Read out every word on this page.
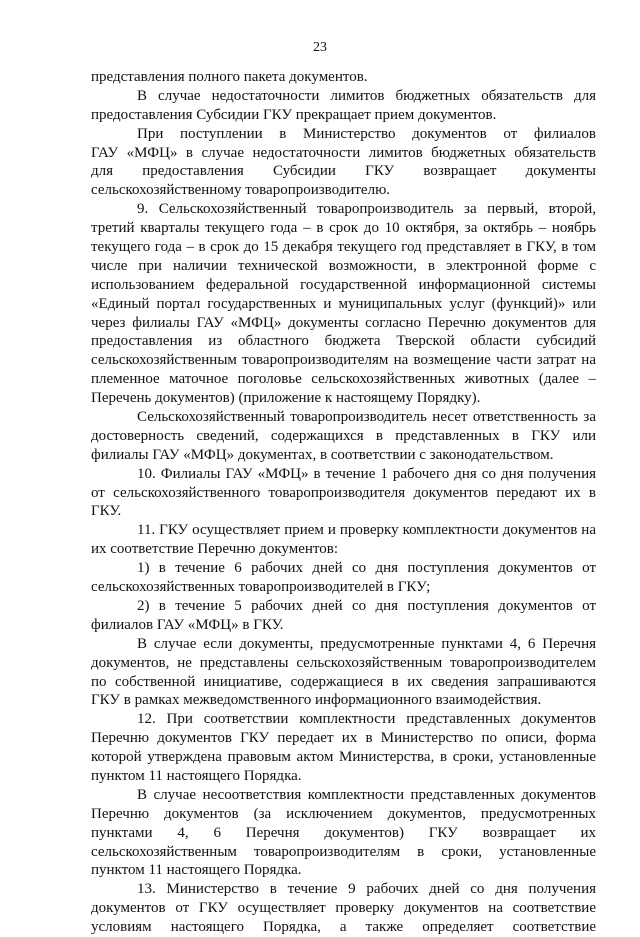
23
представления полного пакета документов.
В случае недостаточности лимитов бюджетных обязательств для
предоставления Субсидии ГКУ прекращает прием документов.
При поступлении в Министерство документов от филиалов
ГАУ «МФЦ» в случае недостаточности лимитов бюджетных обязательств
для предоставления Субсидии ГКУ возвращает документы
сельскохозяйственному товаропроизводителю.
9. Сельскохозяйственный товаропроизводитель за первый, второй,
третий кварталы текущего года – в срок до 10 октября, за октябрь – ноябрь
текущего года – в срок до 15 декабря текущего год представляет в ГКУ, в том
числе при наличии технической возможности, в электронной форме с
использованием федеральной государственной информационной системы
«Единый портал государственных и муниципальных услуг (функций)» или
через филиалы ГАУ «МФЦ» документы согласно Перечню документов для
предоставления из областного бюджета Тверской области субсидий
сельскохозяйственным товаропроизводителям на возмещение части затрат на
племенное маточное поголовье сельскохозяйственных животных (далее –
Перечень документов) (приложение к настоящему Порядку).
Сельскохозяйственный товаропроизводитель несет ответственность за
достоверность сведений, содержащихся в представленных в ГКУ или
филиалы ГАУ «МФЦ» документах, в соответствии с законодательством.
10. Филиалы ГАУ «МФЦ» в течение 1 рабочего дня со дня получения
от сельскохозяйственного товаропроизводителя документов передают их в
ГКУ.
11. ГКУ осуществляет прием и проверку комплектности документов на
их соответствие Перечню документов:
1) в течение 6 рабочих дней со дня поступления документов от
сельскохозяйственных товаропроизводителей в ГКУ;
2) в течение 5 рабочих дней со дня поступления документов от
филиалов ГАУ «МФЦ» в ГКУ.
В случае если документы, предусмотренные пунктами 4, 6 Перечня
документов, не представлены сельскохозяйственным товаропроизводителем
по собственной инициативе, содержащиеся в их сведения запрашиваются
ГКУ в рамках межведомственного информационного взаимодействия.
12. При соответствии комплектности представленных документов
Перечню документов ГКУ передает их в Министерство по описи, форма
которой утверждена правовым актом Министерства, в сроки, установленные
пунктом 11 настоящего Порядка.
В случае несоответствия комплектности представленных документов
Перечню документов (за исключением документов, предусмотренных
пунктами 4, 6 Перечня документов) ГКУ возвращает их
сельскохозяйственным товаропроизводителям в сроки, установленные
пунктом 11 настоящего Порядка.
13. Министерство в течение 9 рабочих дней со дня получения
документов от ГКУ осуществляет проверку документов на соответствие
условиям настоящего Порядка, а также определяет соответствие
